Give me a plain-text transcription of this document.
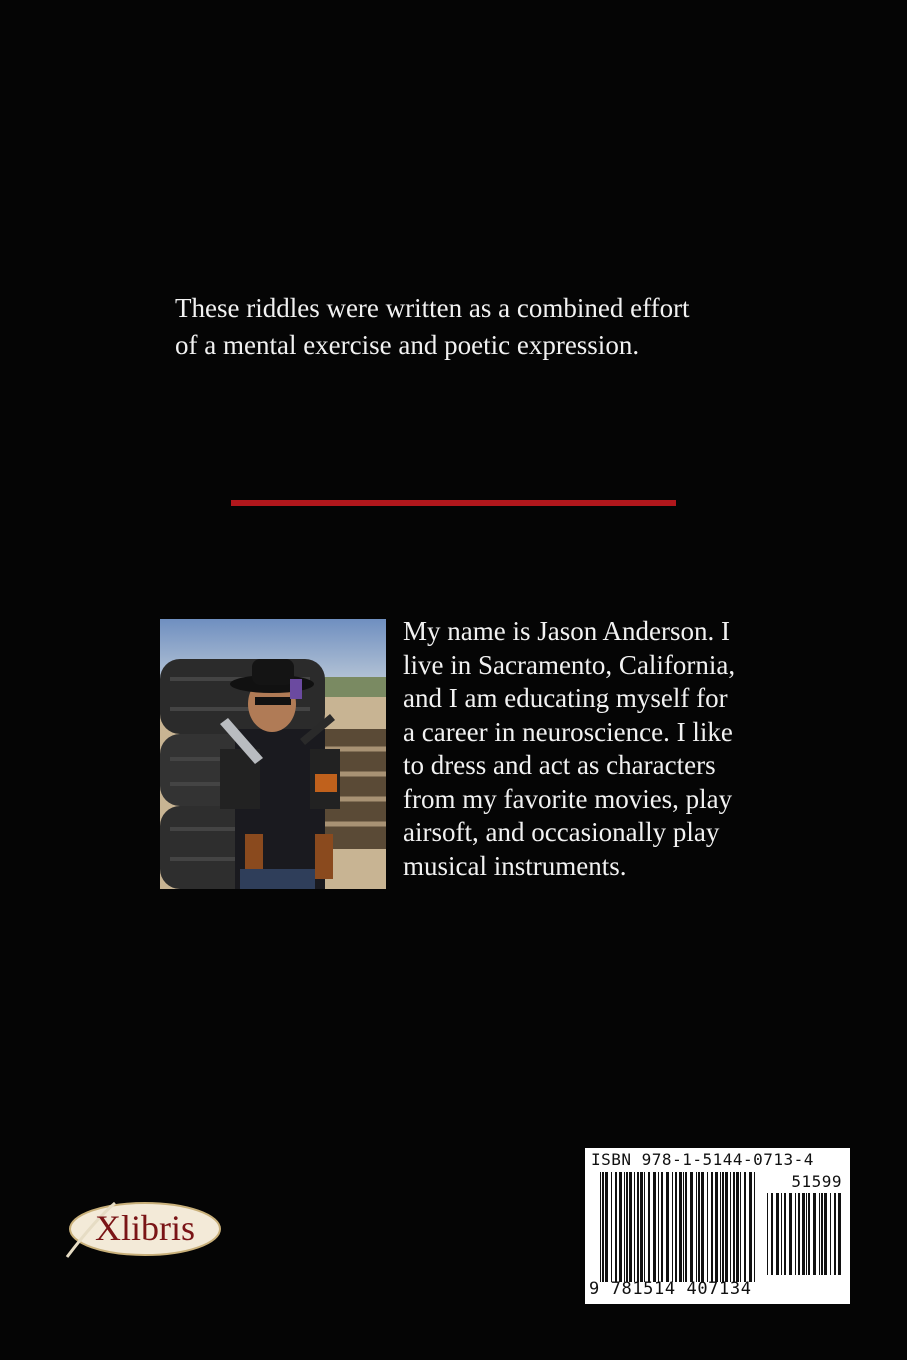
These riddles were written as a combined effort
of a mental exercise and poetic expression.
My name is Jason Anderson. I
live in Sacramento, California,
and I am educating myself for
a career in neuroscience. I like
to dress and act as characters
from my favorite movies, play
airsoft, and occasionally play
musical instruments.
Xlibris
ISBN 978-1-5144-0713-4
51599
9 781514 407134
